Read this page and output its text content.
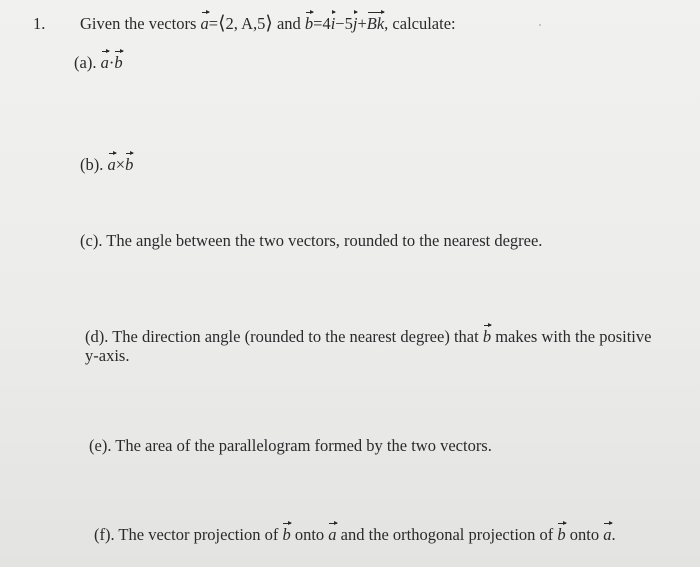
1. Given the vectors a=⟨2, A,5⟩ and b=4i−5j+Bk, calculate:
(a). a·b
(b). a×b
(c). The angle between the two vectors, rounded to the nearest degree.
(d). The direction angle (rounded to the nearest degree) that b makes with the positive
y-axis.
(e). The area of the parallelogram formed by the two vectors.
(f). The vector projection of b onto a and the orthogonal projection of b onto a.
